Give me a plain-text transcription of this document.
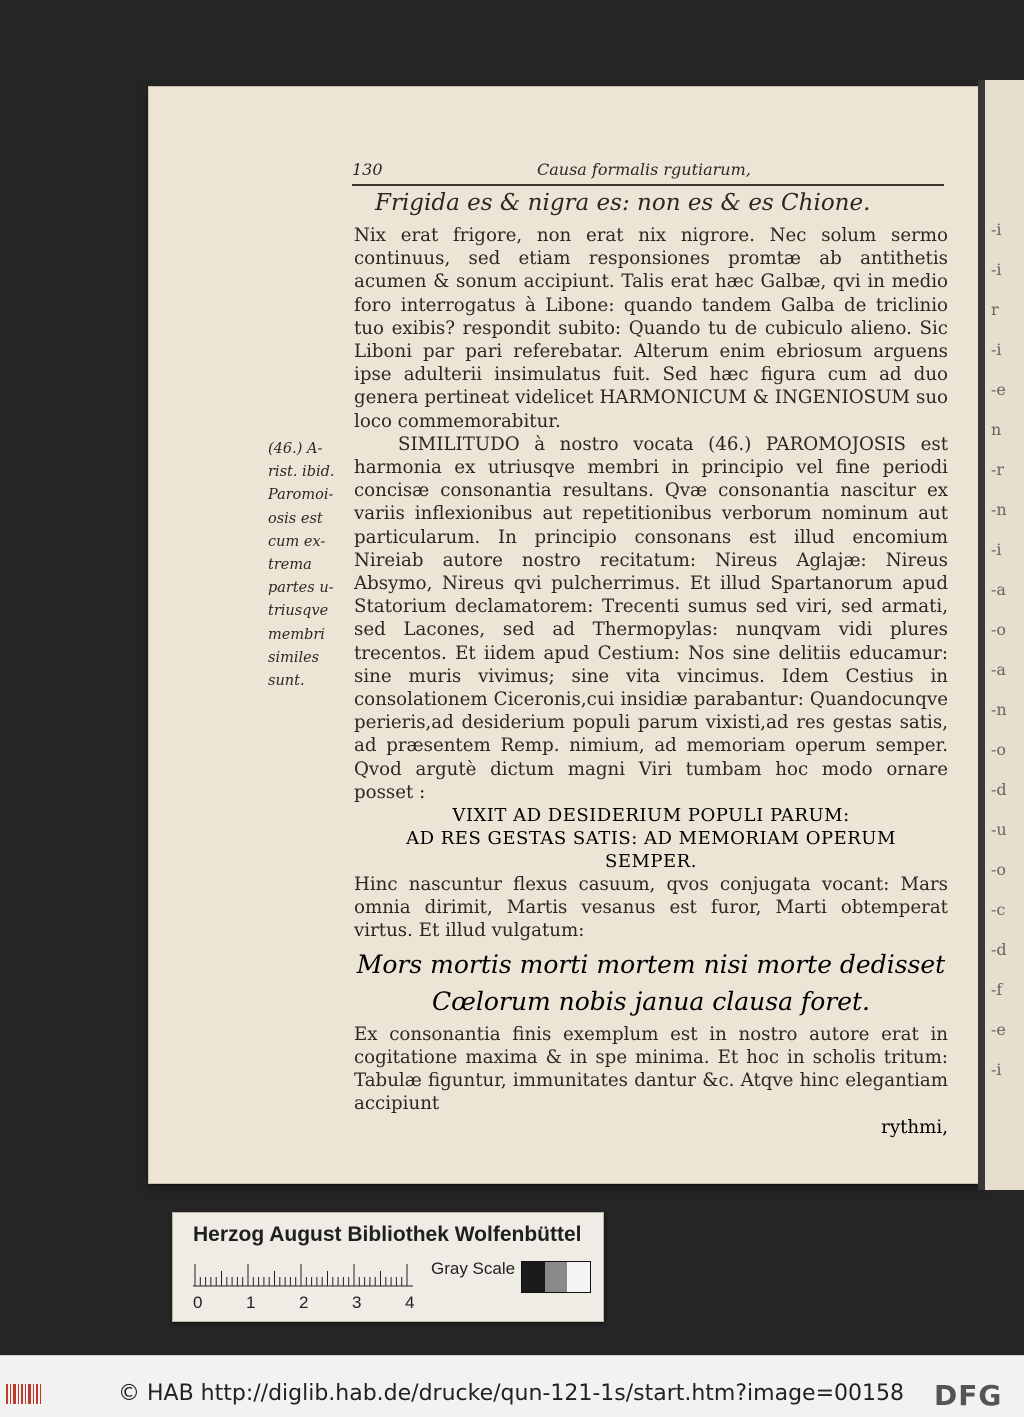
-i
-i
r
-i
-e
n
-r
-n
-i
-a
-o
-a
-n
-o
-d
-u
-o
-c
-d
-f
-e
-i
130	Causa formalis rgutiarum,
Frigida es & nigra es: non es & es Chione.
(46.) A-
rist. ibid.
Paromoi-
osis est
cum ex-
trema
partes u-
triusqve
membri
similes
sunt.

Nix erat frigore, non erat nix nigrore. Nec solum sermo continuus, sed etiam responsiones promtæ ab antithetis acumen & sonum accipiunt. Talis erat hæc Galbæ, qvi in medio foro interrogatus à Libone: quando tandem Galba de triclinio tuo exibis? respondit subito: Quando tu de cubiculo alieno. Sic Liboni par pari referebatar. Alterum enim ebriosum arguens ipse adulterii insimulatus fuit. Sed hæc figura cum ad duo genera pertineat videlicet HARMONICUM & INGENIOSUM suo loco commemorabitur.

SIMILITUDO à nostro vocata (46.) PAROMOJOSIS est harmonia ex utriusqve membri in principio vel fine periodi concisæ consonantia resultans. Qvæ consonantia nascitur ex variis inflexionibus aut repetitionibus verborum nominum aut particularum. In principio consonans est illud encomium Nireiab autore nostro recitatum: Nireus Aglajæ: Nireus Absymo, Nireus qvi pulcherrimus. Et illud Spartanorum apud Statorium declamatorem: Trecenti sumus sed viri, sed armati, sed Lacones, sed ad Thermopylas: nunqvam vidi plures trecentos. Et iidem apud Cestium: Nos sine delitiis educamur: sine muris vivimus; sine vita vincimus. Idem Cestius in consolationem Ciceronis,cui insidiæ parabantur: Quandocunqve perieris,ad desiderium populi parum vixisti,ad res gestas satis, ad præsentem Remp. nimium, ad memoriam operum semper. Qvod argutè dictum magni Viri tumbam hoc modo ornare posset :

VIXIT AD DESIDERIUM POPULI PARUM:

AD RES GESTAS SATIS: AD MEMORIAM OPERUM

SEMPER.

Hinc nascuntur flexus casuum, qvos conjugata vocant: Mars omnia dirimit, Martis vesanus est furor, Marti obtemperat virtus. Et illud vulgatum:

Mors mortis morti mortem nisi morte dedisset

Cœlorum nobis janua clausa foret.

Ex consonantia finis exemplum est in nostro autore erat in cogitatione maxima & in spe minima. Et hoc in scholis tritum: Tabulæ figuntur, immunitates dantur &c. Atqve hinc elegantiam accipiunt

rythmi,

Herzog August Bibliothek Wolfenbüttel
Gray Scale
0	1	2	3	4
© HAB http://diglib.hab.de/drucke/qun-121-1s/start.htm?image=00158 DFG
